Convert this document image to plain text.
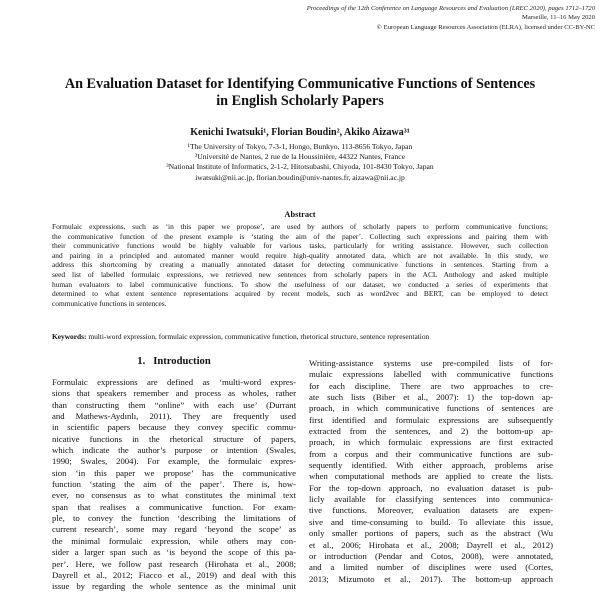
Proceedings of the 12th Conference on Language Resources and Evaluation (LREC 2020), pages 1712–1720
Marseille, 11–16 May 2020
© European Language Resources Association (ELRA), licensed under CC-BY-NC
An Evaluation Dataset for Identifying Communicative Functions of Sentences
in English Scholarly Papers
Kenichi Iwatsuki¹, Florian Boudin², Akiko Aizawa³¹
¹The University of Tokyo, 7-3-1, Hongo, Bunkyo, 113-8656 Tokyo, Japan
²Université de Nantes, 2 rue de la Houssinière, 44322 Nantes, France
³National Institute of Informatics, 2-1-2, Hitotsubashi, Chiyoda, 101-8430 Tokyo, Japan
iwatsuki@nii.ac.jp, florian.boudin@univ-nantes.fr, aizawa@nii.ac.jp
Abstract
Formulaic expressions, such as ‘in this paper we propose’, are used by authors of scholarly papers to perform communicative functions;
the communicative function of the present example is ‘stating the aim of the paper’. Collecting such expressions and pairing them with
their communicative functions would be highly valuable for various tasks, particularly for writing assistance. However, such collection
and pairing in a principled and automated manner would require high-quality annotated data, which are not available. In this study, we
address this shortcoming by creating a manually annotated dataset for detecting communicative functions in sentences. Starting from a
seed list of labelled formulaic expressions, we retrieved new sentences from scholarly papers in the ACL Anthology and asked multiple
human evaluators to label communicative functions. To show the usefulness of our dataset, we conducted a series of experiments that
determined to what extent sentence representations acquired by recent models, such as word2vec and BERT, can be employed to detect
communicative functions in sentences.
Keywords: multi-word expression, formulaic expression, communicative function, rhetorical structure, sentence representation
1. Introduction
Formulaic expressions are defined as ‘multi-word expres-
sions that speakers remember and process as wholes, rather
than constructing them “online” with each use’ (Durrant
and Mathews-Aydınlı, 2011). They are frequently used
in scientific papers because they convey specific commu-
nicative functions in the rhetorical structure of papers,
which indicate the author’s purpose or intention (Swales,
1990; Swales, 2004). For example, the formulaic expres-
sion ‘in this paper we propose’ has the communicative
function ‘stating the aim of the paper’. There is, how-
ever, no consensus as to what constitutes the minimal text
span that realises a communicative function. For exam-
ple, to convey the function ‘describing the limitations of
current research’, some may regard ‘beyond the scope’ as
the minimal formulaic expression, while others may con-
sider a larger span such as ‘is beyond the scope of this pa-
per’. Here, we follow past research (Hirohata et al., 2008;
Dayrell et al., 2012; Fiacco et al., 2019) and deal with this
issue by regarding the whole sentence as the minimal unit
Writing-assistance systems use pre-compiled lists of for-
mulaic expressions labelled with communicative functions
for each discipline. There are two approaches to cre-
ate such lists (Biber et al., 2007): 1) the top-down ap-
proach, in which communicative functions of sentences are
first identified and formulaic expressions are subsequently
extracted from the sentences, and 2) the bottom-up ap-
proach, in which formulaic expressions are first extracted
from a corpus and their communicative functions are sub-
sequently identified. With either approach, problems arise
when computational methods are applied to create the lists.
For the top-down approach, no evaluation dataset is pub-
licly available for classifying sentences into communica-
tive functions. Moreover, evaluation datasets are expen-
sive and time-consuming to build. To alleviate this issue,
only smaller portions of papers, such as the abstract (Wu
et al., 2006; Hirohata et al., 2008; Dayrell et al., 2012)
or introduction (Pendar and Cotos, 2008), were annotated,
and a limited number of disciplines were used (Cortes,
2013; Mizumoto et al., 2017). The bottom-up approach
